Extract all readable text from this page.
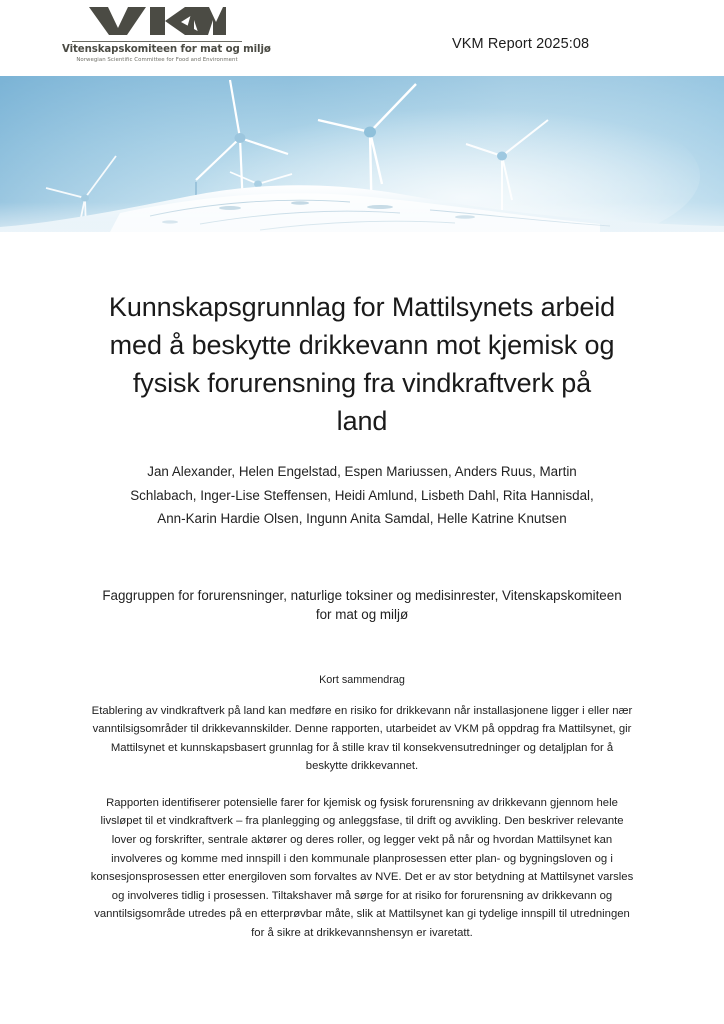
Vitenskapskomiteen for mat og miljø
Norwegian Scientific Committee for Food and Environment
VKM Report 2025:08
Kunnskapsgrunnlag for Mattilsynets arbeid med å beskytte drikkevann mot kjemisk og fysisk forurensning fra vindkraftverk på land
Jan Alexander, Helen Engelstad, Espen Mariussen, Anders Ruus, Martin Schlabach, Inger-Lise Steffensen, Heidi Amlund, Lisbeth Dahl, Rita Hannisdal, Ann-Karin Hardie Olsen, Ingunn Anita Samdal, Helle Katrine Knutsen
Faggruppen for forurensninger, naturlige toksiner og medisinrester, Vitenskapskomiteen for mat og miljø
Kort sammendrag

Etablering av vindkraftverk på land kan medføre en risiko for drikkevann når installasjonene ligger i eller nær vanntilsigsområder til drikkevannskilder. Denne rapporten, utarbeidet av VKM på oppdrag fra Mattilsynet, gir Mattilsynet et kunnskapsbasert grunnlag for å stille krav til konsekvensutredninger og detaljplan for å beskytte drikkevannet.

Rapporten identifiserer potensielle farer for kjemisk og fysisk forurensning av drikkevann gjennom hele livsløpet til et vindkraftverk – fra planlegging og anleggsfase, til drift og avvikling. Den beskriver relevante lover og forskrifter, sentrale aktører og deres roller, og legger vekt på når og hvordan Mattilsynet kan involveres og komme med innspill i den kommunale planprosessen etter plan- og bygningsloven og i konsesjonsprosessen etter energiloven som forvaltes av NVE. Det er av stor betydning at Mattilsynet varsles og involveres tidlig i prosessen. Tiltakshaver må sørge for at risiko for forurensning av drikkevann og vanntilsigsområde utredes på en etterprøvbar måte, slik at Mattilsynet kan gi tydelige innspill til utredningen for å sikre at drikkevannshensyn er ivaretatt.
